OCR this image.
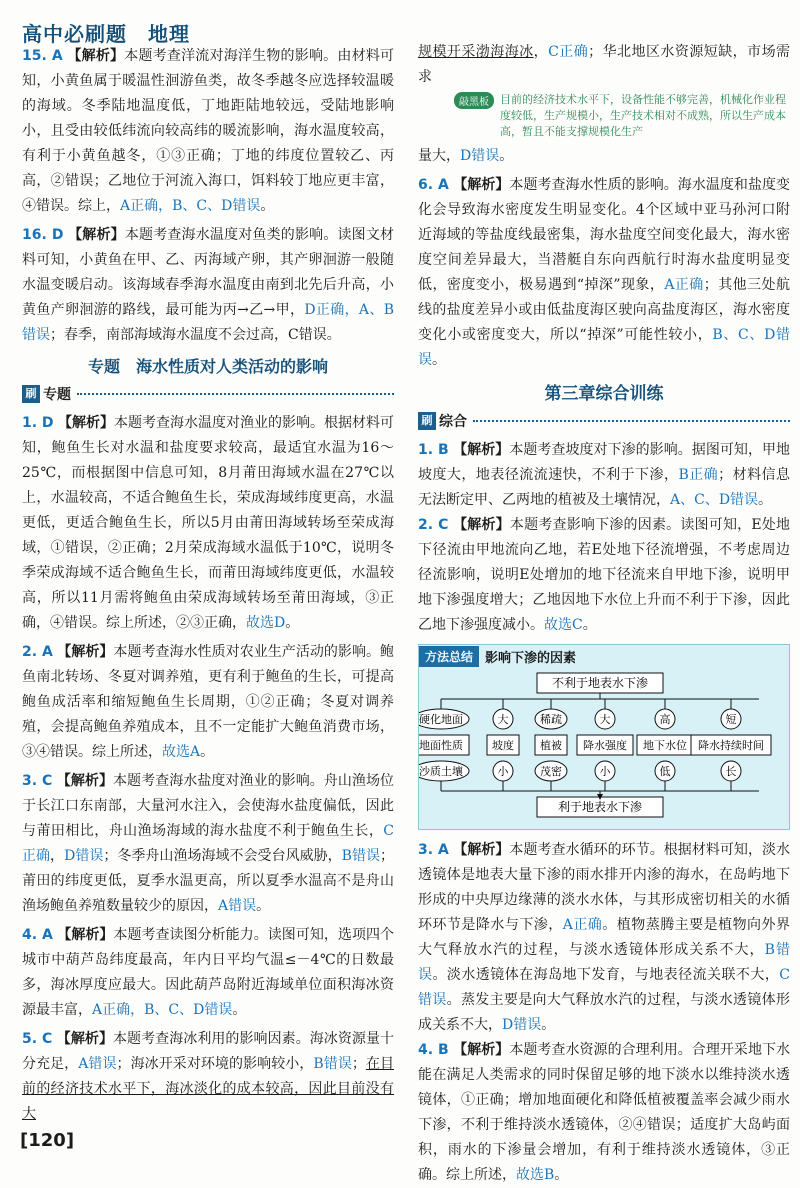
高中必刷题　地理

15. A 【解析】本题考查洋流对海洋生物的影响。由材料可知，小黄鱼属于暖温性洄游鱼类，故冬季越冬应选择较温暖的海域。冬季陆地温度低，丁地距陆地较远，受陆地影响小，且受由较低纬流向较高纬的暖流影响，海水温度较高，有利于小黄鱼越冬，①③正确；丁地的纬度位置较乙、丙高，②错误；乙地位于河流入海口，饵料较丁地应更丰富，④错误。综上，A正确，B、C、D错误。

16. D 【解析】本题考查海水温度对鱼类的影响。读图文材料可知，小黄鱼在甲、乙、丙海域产卵，其产卵洄游一般随水温变暖启动。该海域春季海水温度由南到北先后升高，小黄鱼产卵洄游的路线，最可能为丙→乙→甲，D正确，A、B错误；春季，南部海域海水温度不会过高，C错误。

专题　海水性质对人类活动的影响
刷 专题

1. D 【解析】本题考查海水温度对渔业的影响。根据材料可知，鲍鱼生长对水温和盐度要求较高，最适宜水温为16～25℃，而根据图中信息可知，8月莆田海域水温在27℃以上，水温较高，不适合鲍鱼生长，荣成海域纬度更高，水温更低，更适合鲍鱼生长，所以5月由莆田海域转场至荣成海域，①错误，②正确；2月荣成海域水温低于10℃，说明冬季荣成海域不适合鲍鱼生长，而莆田海域纬度更低，水温较高，所以11月需将鲍鱼由荣成海域转场至莆田海域，③正确，④错误。综上所述，②③正确，故选D。

2. A 【解析】本题考查海水性质对农业生产活动的影响。鲍鱼南北转场、冬夏对调养殖，更有利于鲍鱼的生长，可提高鲍鱼成活率和缩短鲍鱼生长周期，①②正确；冬夏对调养殖，会提高鲍鱼养殖成本，且不一定能扩大鲍鱼消费市场，③④错误。综上所述，故选A。

3. C 【解析】本题考查海水盐度对渔业的影响。舟山渔场位于长江口东南部，大量河水注入，会使海水盐度偏低，因此与莆田相比，舟山渔场海域的海水盐度不利于鲍鱼生长，C正确，D错误；冬季舟山渔场海域不会受台风威胁，B错误；莆田的纬度更低，夏季水温更高，所以夏季水温高不是舟山渔场鲍鱼养殖数量较少的原因，A错误。

4. A 【解析】本题考查读图分析能力。读图可知，选项四个城市中葫芦岛纬度最高，年内日平均气温≤－4℃的日数最多，海冰厚度应最大。因此葫芦岛附近海域单位面积海冰资源最丰富，A正确，B、C、D错误。

5. C 【解析】本题考查海冰利用的影响因素。海冰资源量十分充足，A错误；海冰开采对环境的影响较小，B错误；在目前的经济技术水平下，海冰淡化的成本较高，因此目前没有大

规模开采渤海海冰，C正确；华北地区水资源短缺，市场需求

敲黑板	目前的经济技术水平下，设备性能不够完善，机械化作业程度较低，生产规模小，生产技术相对不成熟，所以生产成本高，暂且不能支撑规模化生产

量大，D错误。

6. A 【解析】本题考查海水性质的影响。海水温度和盐度变化会导致海水密度发生明显变化。4个区域中亚马孙河口附近海域的等盐度线最密集，海水盐度空间变化最大，海水密度空间差异最大，当潜艇自东向西航行时海水盐度明显变低，密度变小，极易遇到“掉深”现象，A正确；其他三处航线的盐度差异小或由低盐度海区驶向高盐度海区，海水密度变化小或密度变大，所以“掉深”可能性较小，B、C、D错误。

第三章综合训练
刷 综合

1. B 【解析】本题考查坡度对下渗的影响。据图可知，甲地坡度大，地表径流流速快，不利于下渗，B正确；材料信息无法断定甲、乙两地的植被及土壤情况，A、C、D错误。

2. C 【解析】本题考查影响下渗的因素。读图可知，E处地下径流由甲地流向乙地，若E处地下径流增强，不考虑周边径流影响，说明E处增加的地下径流来自甲地下渗，说明甲地下渗强度增大；乙地因地下水位上升而不利于下渗，因此乙地下渗强度减小。故选C。

方法总结 影响下渗的因素
不利于地表水下渗
利于地表水下渗
硬化地面	大	稀疏	大	高	短
地面性质	坡度 植被 降水强度 地下水位 降水持续时间
沙质土壤	小	茂密	小	低	长

3. A 【解析】本题考查水循环的环节。根据材料可知，淡水透镜体是地表大量下渗的雨水排开内渗的海水，在岛屿地下形成的中央厚边缘薄的淡水水体，与其形成密切相关的水循环环节是降水与下渗，A正确。植物蒸腾主要是植物向外界大气释放水汽的过程，与淡水透镜体形成关系不大，B错误。淡水透镜体在海岛地下发育，与地表径流关联不大，C错误。蒸发主要是向大气释放水汽的过程，与淡水透镜体形成关系不大，D错误。

4. B 【解析】本题考查水资源的合理利用。合理开采地下水能在满足人类需求的同时保留足够的地下淡水以维持淡水透镜体，①正确；增加地面硬化和降低植被覆盖率会减少雨水下渗，不利于维持淡水透镜体，②④错误；适度扩大岛屿面积，雨水的下渗量会增加，有利于维持淡水透镜体，③正确。综上所述，故选B。

[120]
